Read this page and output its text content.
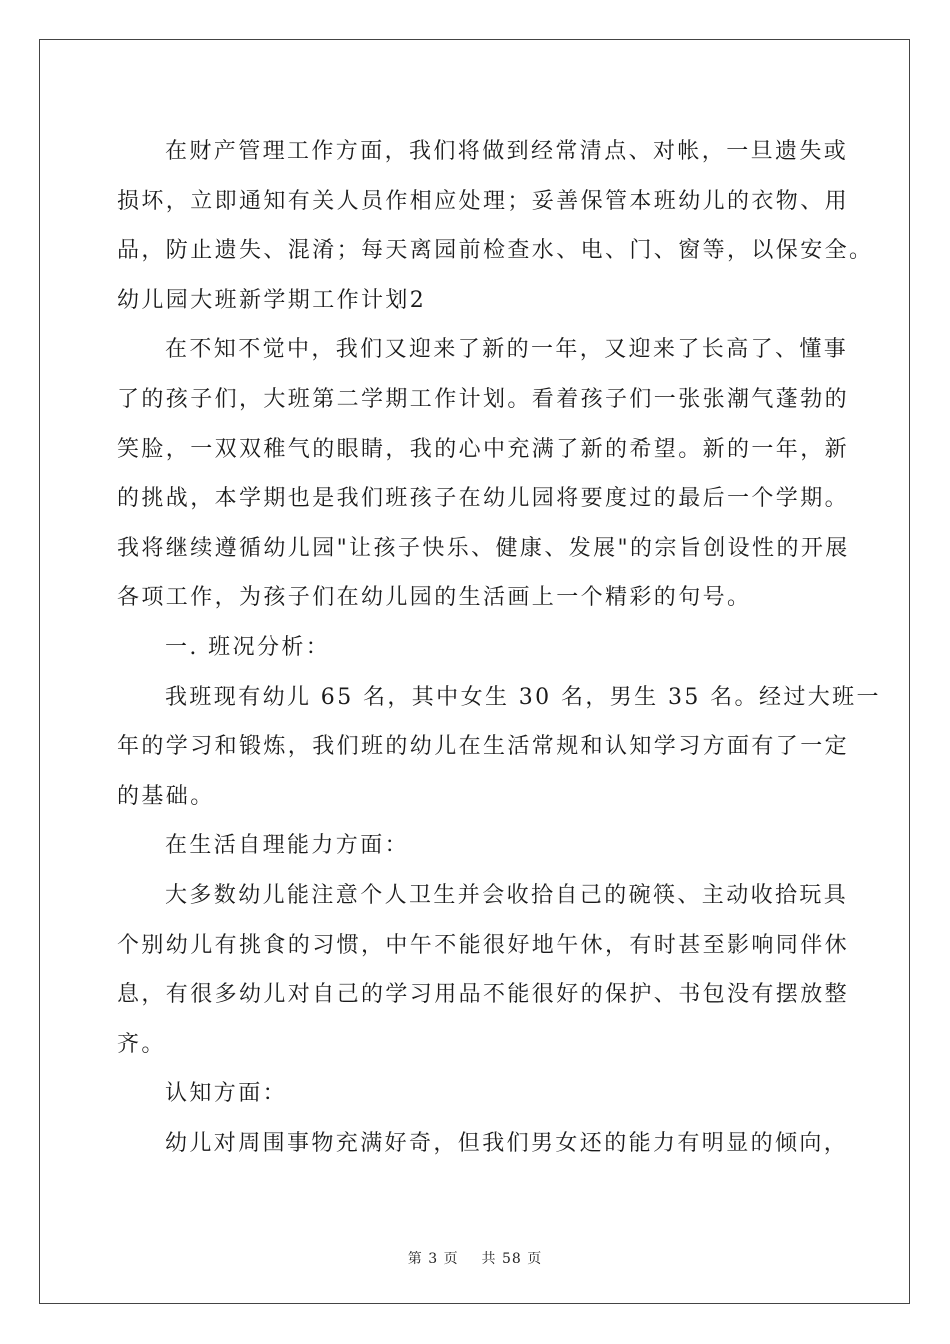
在财产管理工作方面，我们将做到经常清点、对帐，一旦遗失或
损坏，立即通知有关人员作相应处理；妥善保管本班幼儿的衣物、用
品，防止遗失、混淆；每天离园前检查水、电、门、窗等，以保安全。
幼儿园大班新学期工作计划2
在不知不觉中，我们又迎来了新的一年，又迎来了长高了、懂事
了的孩子们，大班第二学期工作计划。看着孩子们一张张潮气蓬勃的
笑脸，一双双稚气的眼睛，我的心中充满了新的希望。新的一年，新
的挑战，本学期也是我们班孩子在幼儿园将要度过的最后一个学期。
我将继续遵循幼儿园"让孩子快乐、健康、发展"的宗旨创设性的开展
各项工作，为孩子们在幼儿园的生活画上一个精彩的句号。
一. 班况分析：
我班现有幼儿 65 名，其中女生 30 名，男生 35 名。经过大班一
年的学习和锻炼，我们班的幼儿在生活常规和认知学习方面有了一定
的基础。
在生活自理能力方面：
大多数幼儿能注意个人卫生并会收拾自己的碗筷、主动收拾玩具
个别幼儿有挑食的习惯，中午不能很好地午休，有时甚至影响同伴休
息，有很多幼儿对自己的学习用品不能很好的保护、书包没有摆放整
齐。
认知方面：
幼儿对周围事物充满好奇，但我们男女还的能力有明显的倾向，
第 3 页 共 58 页
